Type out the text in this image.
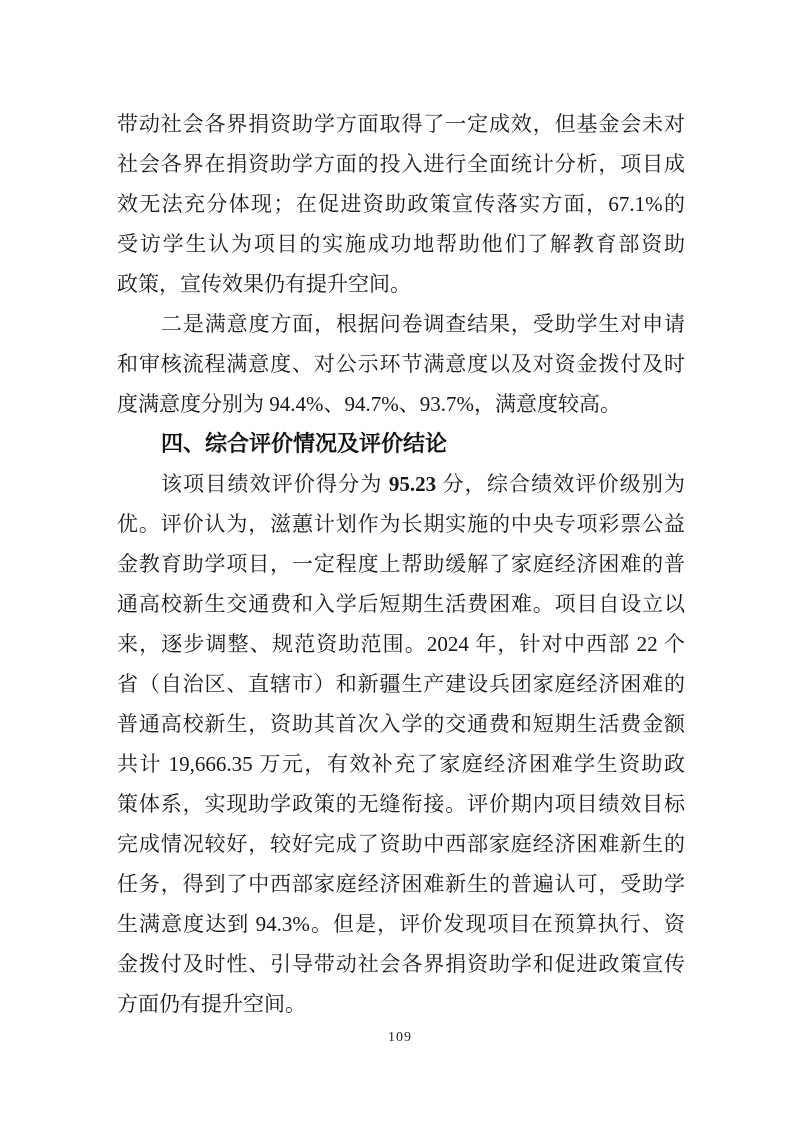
带动社会各界捐资助学方面取得了一定成效，但基金会未对
社会各界在捐资助学方面的投入进行全面统计分析，项目成
效无法充分体现；在促进资助政策宣传落实方面，67.1%的
受访学生认为项目的实施成功地帮助他们了解教育部资助
政策，宣传效果仍有提升空间。
二是满意度方面，根据问卷调查结果，受助学生对申请
和审核流程满意度、对公示环节满意度以及对资金拨付及时
度满意度分别为 94.4%、94.7%、93.7%，满意度较高。
四、综合评价情况及评价结论
该项目绩效评价得分为 95.23 分，综合绩效评价级别为
优。评价认为，滋蕙计划作为长期实施的中央专项彩票公益
金教育助学项目，一定程度上帮助缓解了家庭经济困难的普
通高校新生交通费和入学后短期生活费困难。项目自设立以
来，逐步调整、规范资助范围。2024 年，针对中西部 22 个
省（自治区、直辖市）和新疆生产建设兵团家庭经济困难的
普通高校新生，资助其首次入学的交通费和短期生活费金额
共计 19,666.35 万元，有效补充了家庭经济困难学生资助政
策体系，实现助学政策的无缝衔接。评价期内项目绩效目标
完成情况较好，较好完成了资助中西部家庭经济困难新生的
任务，得到了中西部家庭经济困难新生的普遍认可，受助学
生满意度达到 94.3%。但是，评价发现项目在预算执行、资
金拨付及时性、引导带动社会各界捐资助学和促进政策宣传
方面仍有提升空间。
109
